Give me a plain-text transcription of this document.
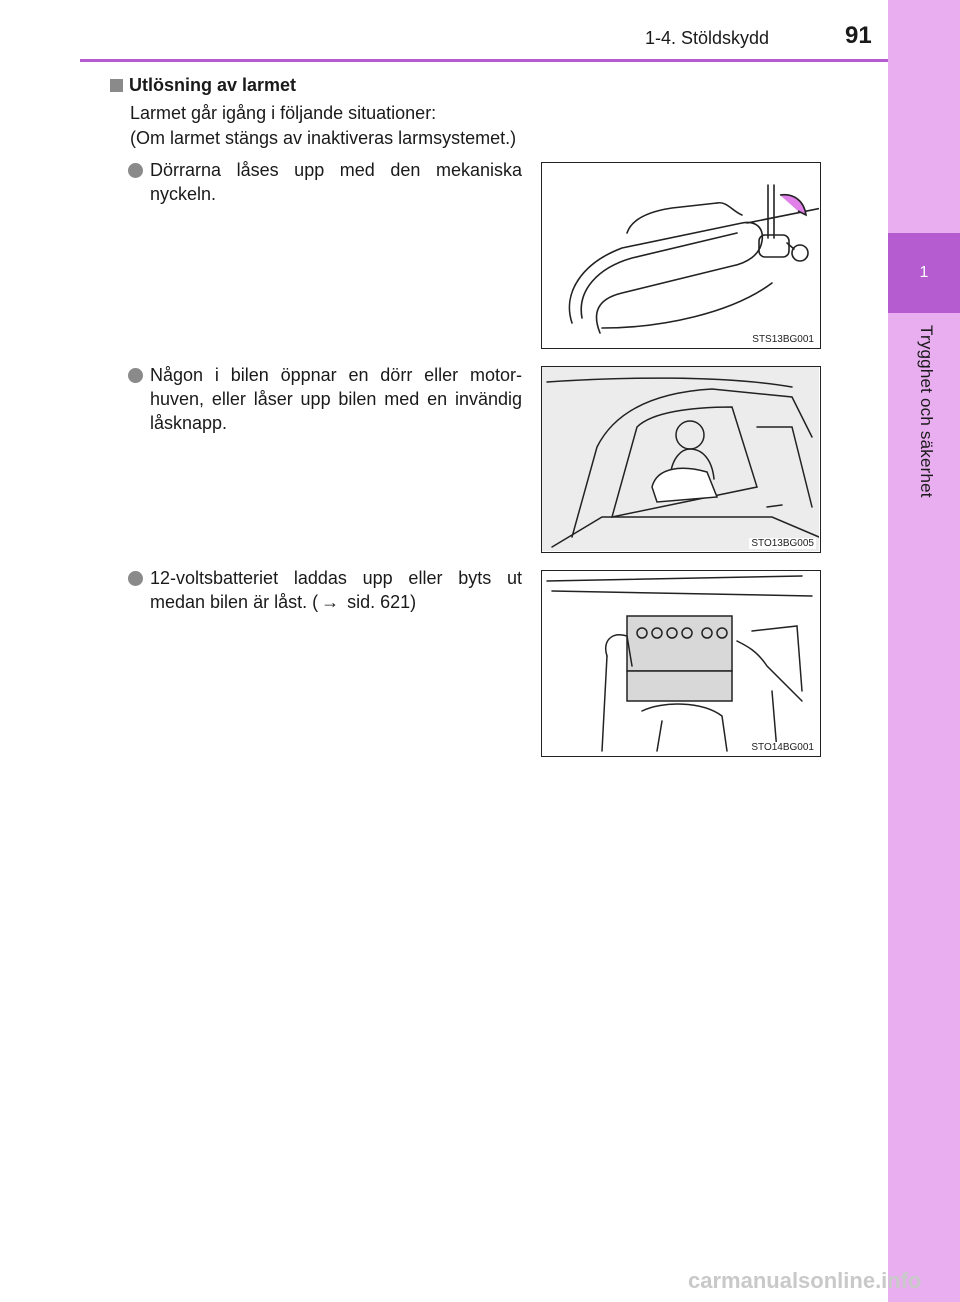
1
Trygghet och säkerhet
1-4. Stöldskydd	91
Utlösning av larmet
Larmet går igång i följande situationer:
(Om larmet stängs av inaktiveras larmsystemet.)
Dörrarna låses upp med den mekaniska nyckeln.
STS13BG001
Någon i bilen öppnar en dörr eller motorhuven, eller låser upp bilen med en invändig låsknapp.
STO13BG005
12-voltsbatteriet laddas upp eller byts ut medan bilen är låst. ( → sid. 621)
STO14BG001
carmanualsonline.info
